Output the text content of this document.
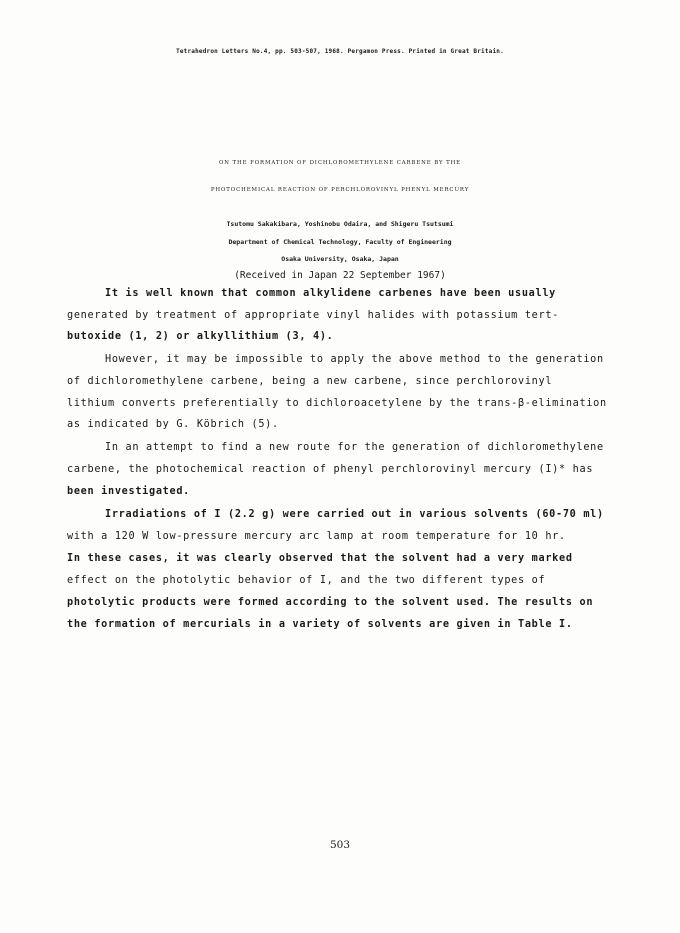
Tetrahedron Letters No.4, pp. 503-507, 1968. Pergamon Press. Printed in Great Britain.
ON THE FORMATION OF DICHLOROMETHYLENE CARBENE BY THE
PHOTOCHEMICAL REACTION OF PERCHLOROVINYL PHENYL MERCURY
Tsutomu Sakakibara, Yoshinobu Odaira, and Shigeru Tsutsumi
Department of Chemical Technology, Faculty of Engineering
Osaka University, Osaka, Japan
(Received in Japan 22 September 1967)
It is well known that common alkylidene carbenes have been usually
generated by treatment of appropriate vinyl halides with potassium tert-
butoxide (1, 2) or alkyllithium (3, 4).
However, it may be impossible to apply the above method to the generation
of dichloromethylene carbene, being a new carbene, since perchlorovinyl
lithium converts preferentially to dichloroacetylene by the trans-β-elimination
as indicated by G. Köbrich (5).
In an attempt to find a new route for the generation of dichloromethylene
carbene, the photochemical reaction of phenyl perchlorovinyl mercury (I)* has
been investigated.
Irradiations of I (2.2 g) were carried out in various solvents (60-70 ml)
with a 120 W low-pressure mercury arc lamp at room temperature for 10 hr.
In these cases, it was clearly observed that the solvent had a very marked
effect on the photolytic behavior of I, and the two different types of
photolytic products were formed according to the solvent used. The results on
the formation of mercurials in a variety of solvents are given in Table I.
503
